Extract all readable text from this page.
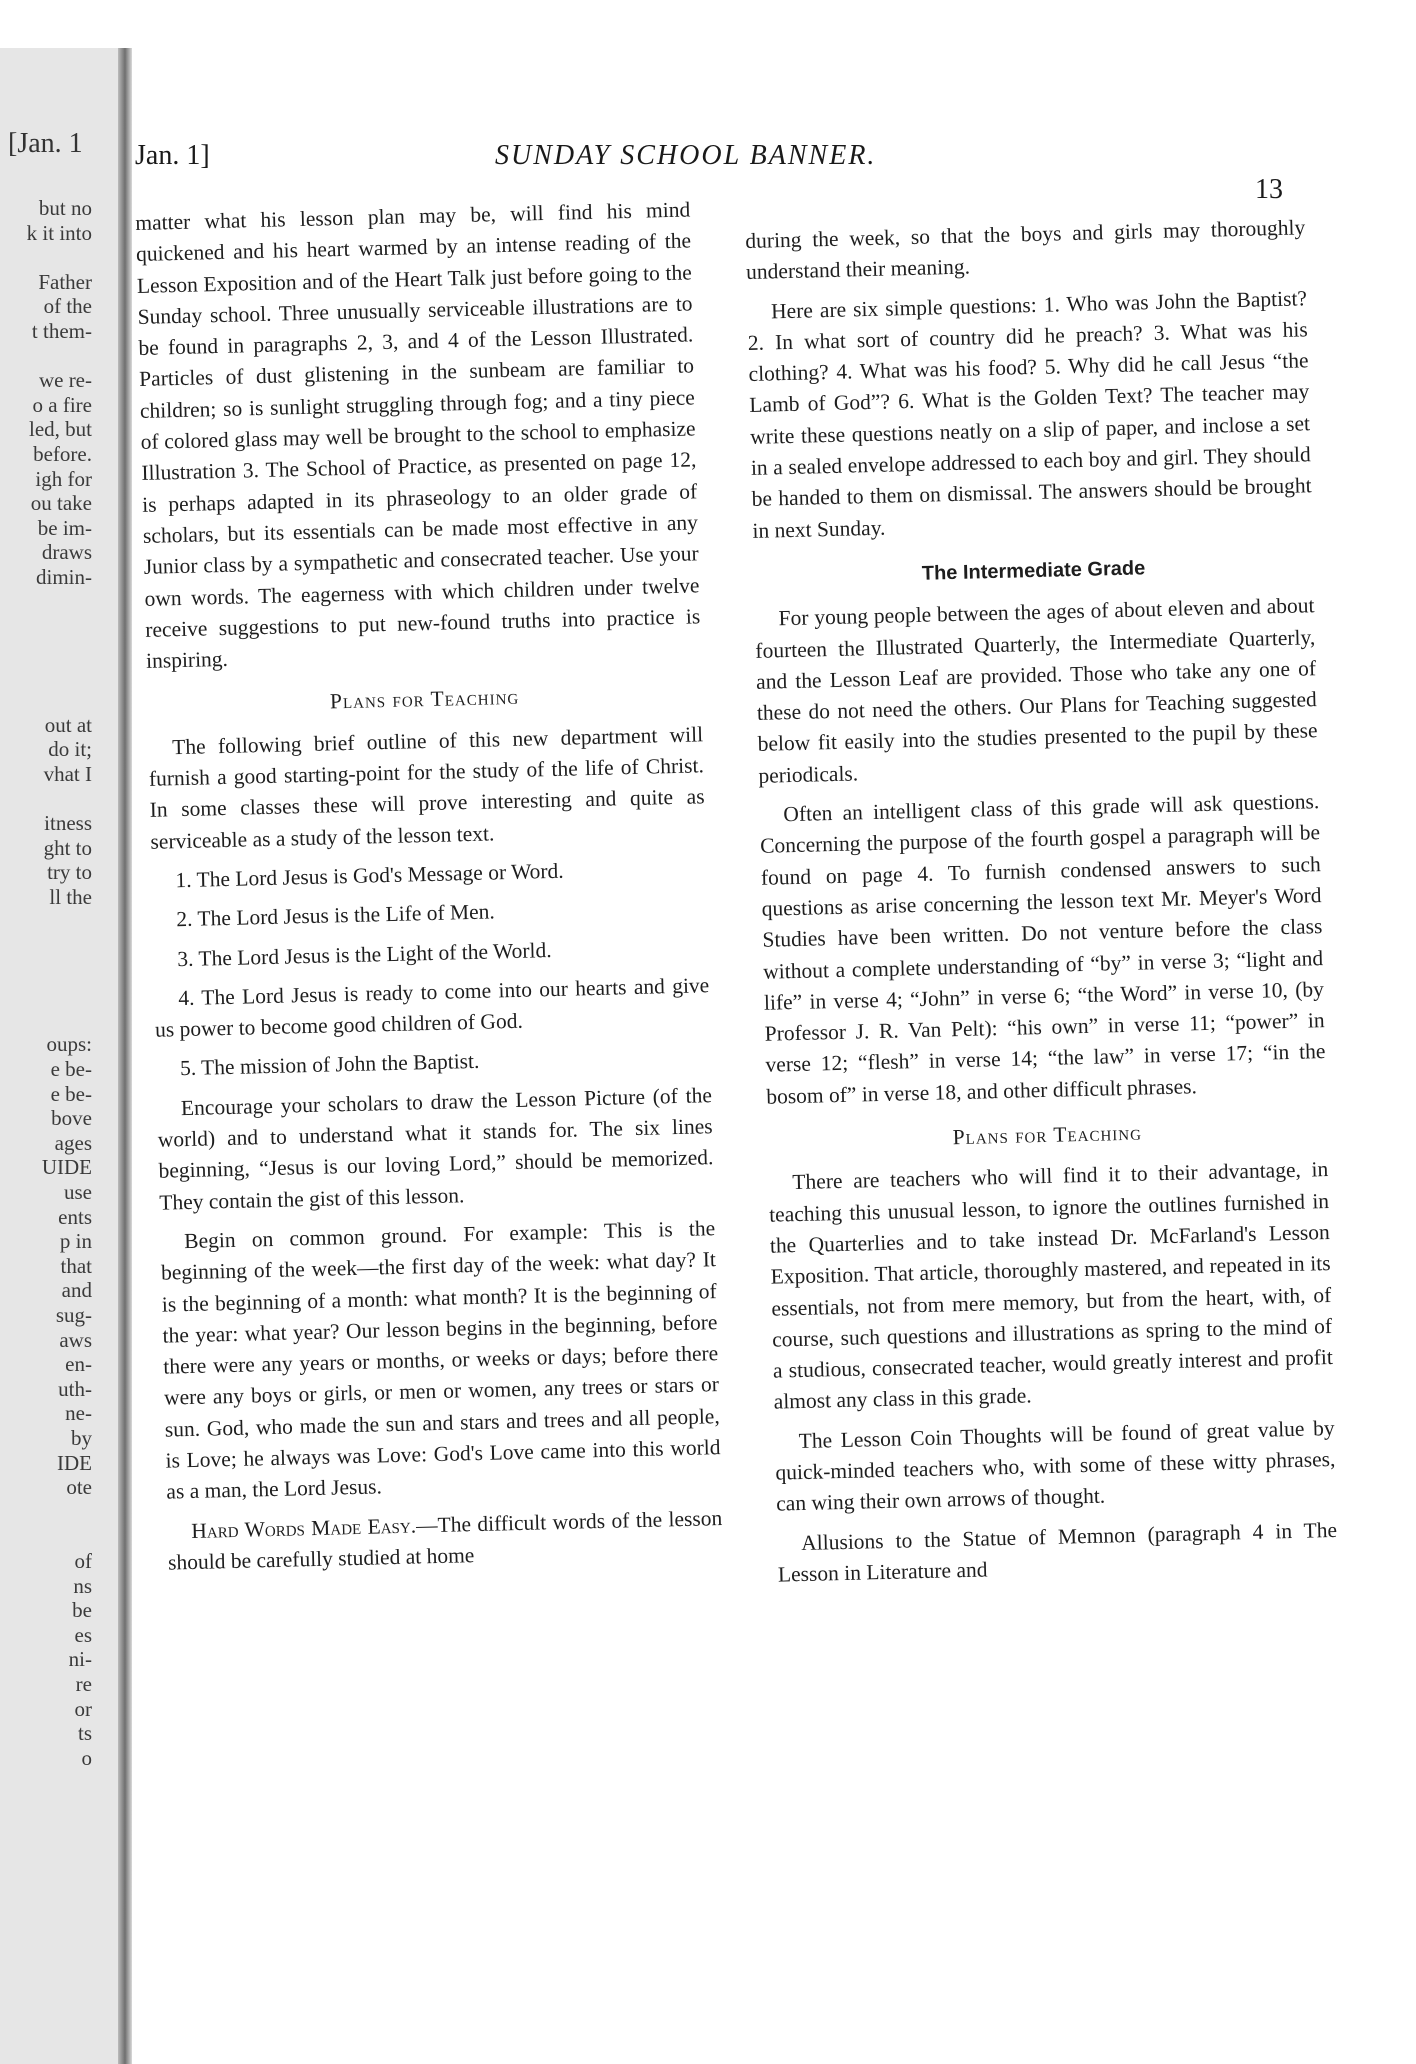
[Jan. 1
but no
k it into
Father
of the
t them-
we re-
o a fire
led, but
before.
igh for
ou take
be im-
draws
dimin-
out at
do it;
vhat I
itness
ght to
try to
ll the
oups:
e be-
e be-
bove
ages
UIDE
use
ents
p in
that
and
sug-
aws
en-
uth-
ne-
by
IDE
ote
of
ns
be
es
ni-
re
or
ts
o
Jan. 1]	SUNDAY SCHOOL BANNER.
13

matter what his lesson plan may be, will find his mind quickened and his heart warmed by an intense reading of the Lesson Exposition and of the Heart Talk just before going to the Sunday school. Three unusually serviceable illustrations are to be found in paragraphs 2, 3, and 4 of the Lesson Illustrated. Particles of dust glistening in the sunbeam are familiar to children; so is sunlight struggling through fog; and a tiny piece of colored glass may well be brought to the school to emphasize Illustration 3. The School of Practice, as presented on page 12, is perhaps adapted in its phraseology to an older grade of scholars, but its essentials can be made most effective in any Junior class by a sympathetic and consecrated teacher. Use your own words. The eagerness with which children under twelve receive suggestions to put new-found truths into practice is inspiring.

Plans for Teaching

The following brief outline of this new department will furnish a good starting-point for the study of the life of Christ. In some classes these will prove interesting and quite as serviceable as a study of the lesson text.

1. The Lord Jesus is God's Message or Word.

2. The Lord Jesus is the Life of Men.

3. The Lord Jesus is the Light of the World.

4. The Lord Jesus is ready to come into our hearts and give us power to become good children of God.

5. The mission of John the Baptist.

Encourage your scholars to draw the Lesson Picture (of the world) and to understand what it stands for. The six lines beginning, “Jesus is our loving Lord,” should be memorized. They contain the gist of this lesson.

Begin on common ground. For example: This is the beginning of the week—the first day of the week: what day? It is the beginning of a month: what month? It is the beginning of the year: what year? Our lesson begins in the beginning, before there were any years or months, or weeks or days; before there were any boys or girls, or men or women, any trees or stars or sun. God, who made the sun and stars and trees and all people, is Love; he always was Love: God's Love came into this world as a man, the Lord Jesus.

Hard Words Made Easy.—The difficult words of the lesson should be carefully studied at home

during the week, so that the boys and girls may thoroughly understand their meaning.

Here are six simple questions: 1. Who was John the Baptist? 2. In what sort of country did he preach? 3. What was his clothing? 4. What was his food? 5. Why did he call Jesus “the Lamb of God”? 6. What is the Golden Text? The teacher may write these questions neatly on a slip of paper, and inclose a set in a sealed envelope addressed to each boy and girl. They should be handed to them on dismissal. The answers should be brought in next Sunday.

The Intermediate Grade

For young people between the ages of about eleven and about fourteen the Illustrated Quarterly, the Intermediate Quarterly, and the Lesson Leaf are provided. Those who take any one of these do not need the others. Our Plans for Teaching suggested below fit easily into the studies presented to the pupil by these periodicals.

Often an intelligent class of this grade will ask questions. Concerning the purpose of the fourth gospel a paragraph will be found on page 4. To furnish condensed answers to such questions as arise concerning the lesson text Mr. Meyer's Word Studies have been written. Do not venture before the class without a complete understanding of “by” in verse 3; “light and life” in verse 4; “John” in verse 6; “the Word” in verse 10, (by Professor J. R. Van Pelt): “his own” in verse 11; “power” in verse 12; “flesh” in verse 14; “the law” in verse 17; “in the bosom of” in verse 18, and other difficult phrases.

Plans for Teaching

There are teachers who will find it to their advantage, in teaching this unusual lesson, to ignore the outlines furnished in the Quarterlies and to take instead Dr. McFarland's Lesson Exposition. That article, thoroughly mastered, and repeated in its essentials, not from mere memory, but from the heart, with, of course, such questions and illustrations as spring to the mind of a studious, consecrated teacher, would greatly interest and profit almost any class in this grade.

The Lesson Coin Thoughts will be found of great value by quick-minded teachers who, with some of these witty phrases, can wing their own arrows of thought.

Allusions to the Statue of Memnon (paragraph 4 in The Lesson in Literature and
